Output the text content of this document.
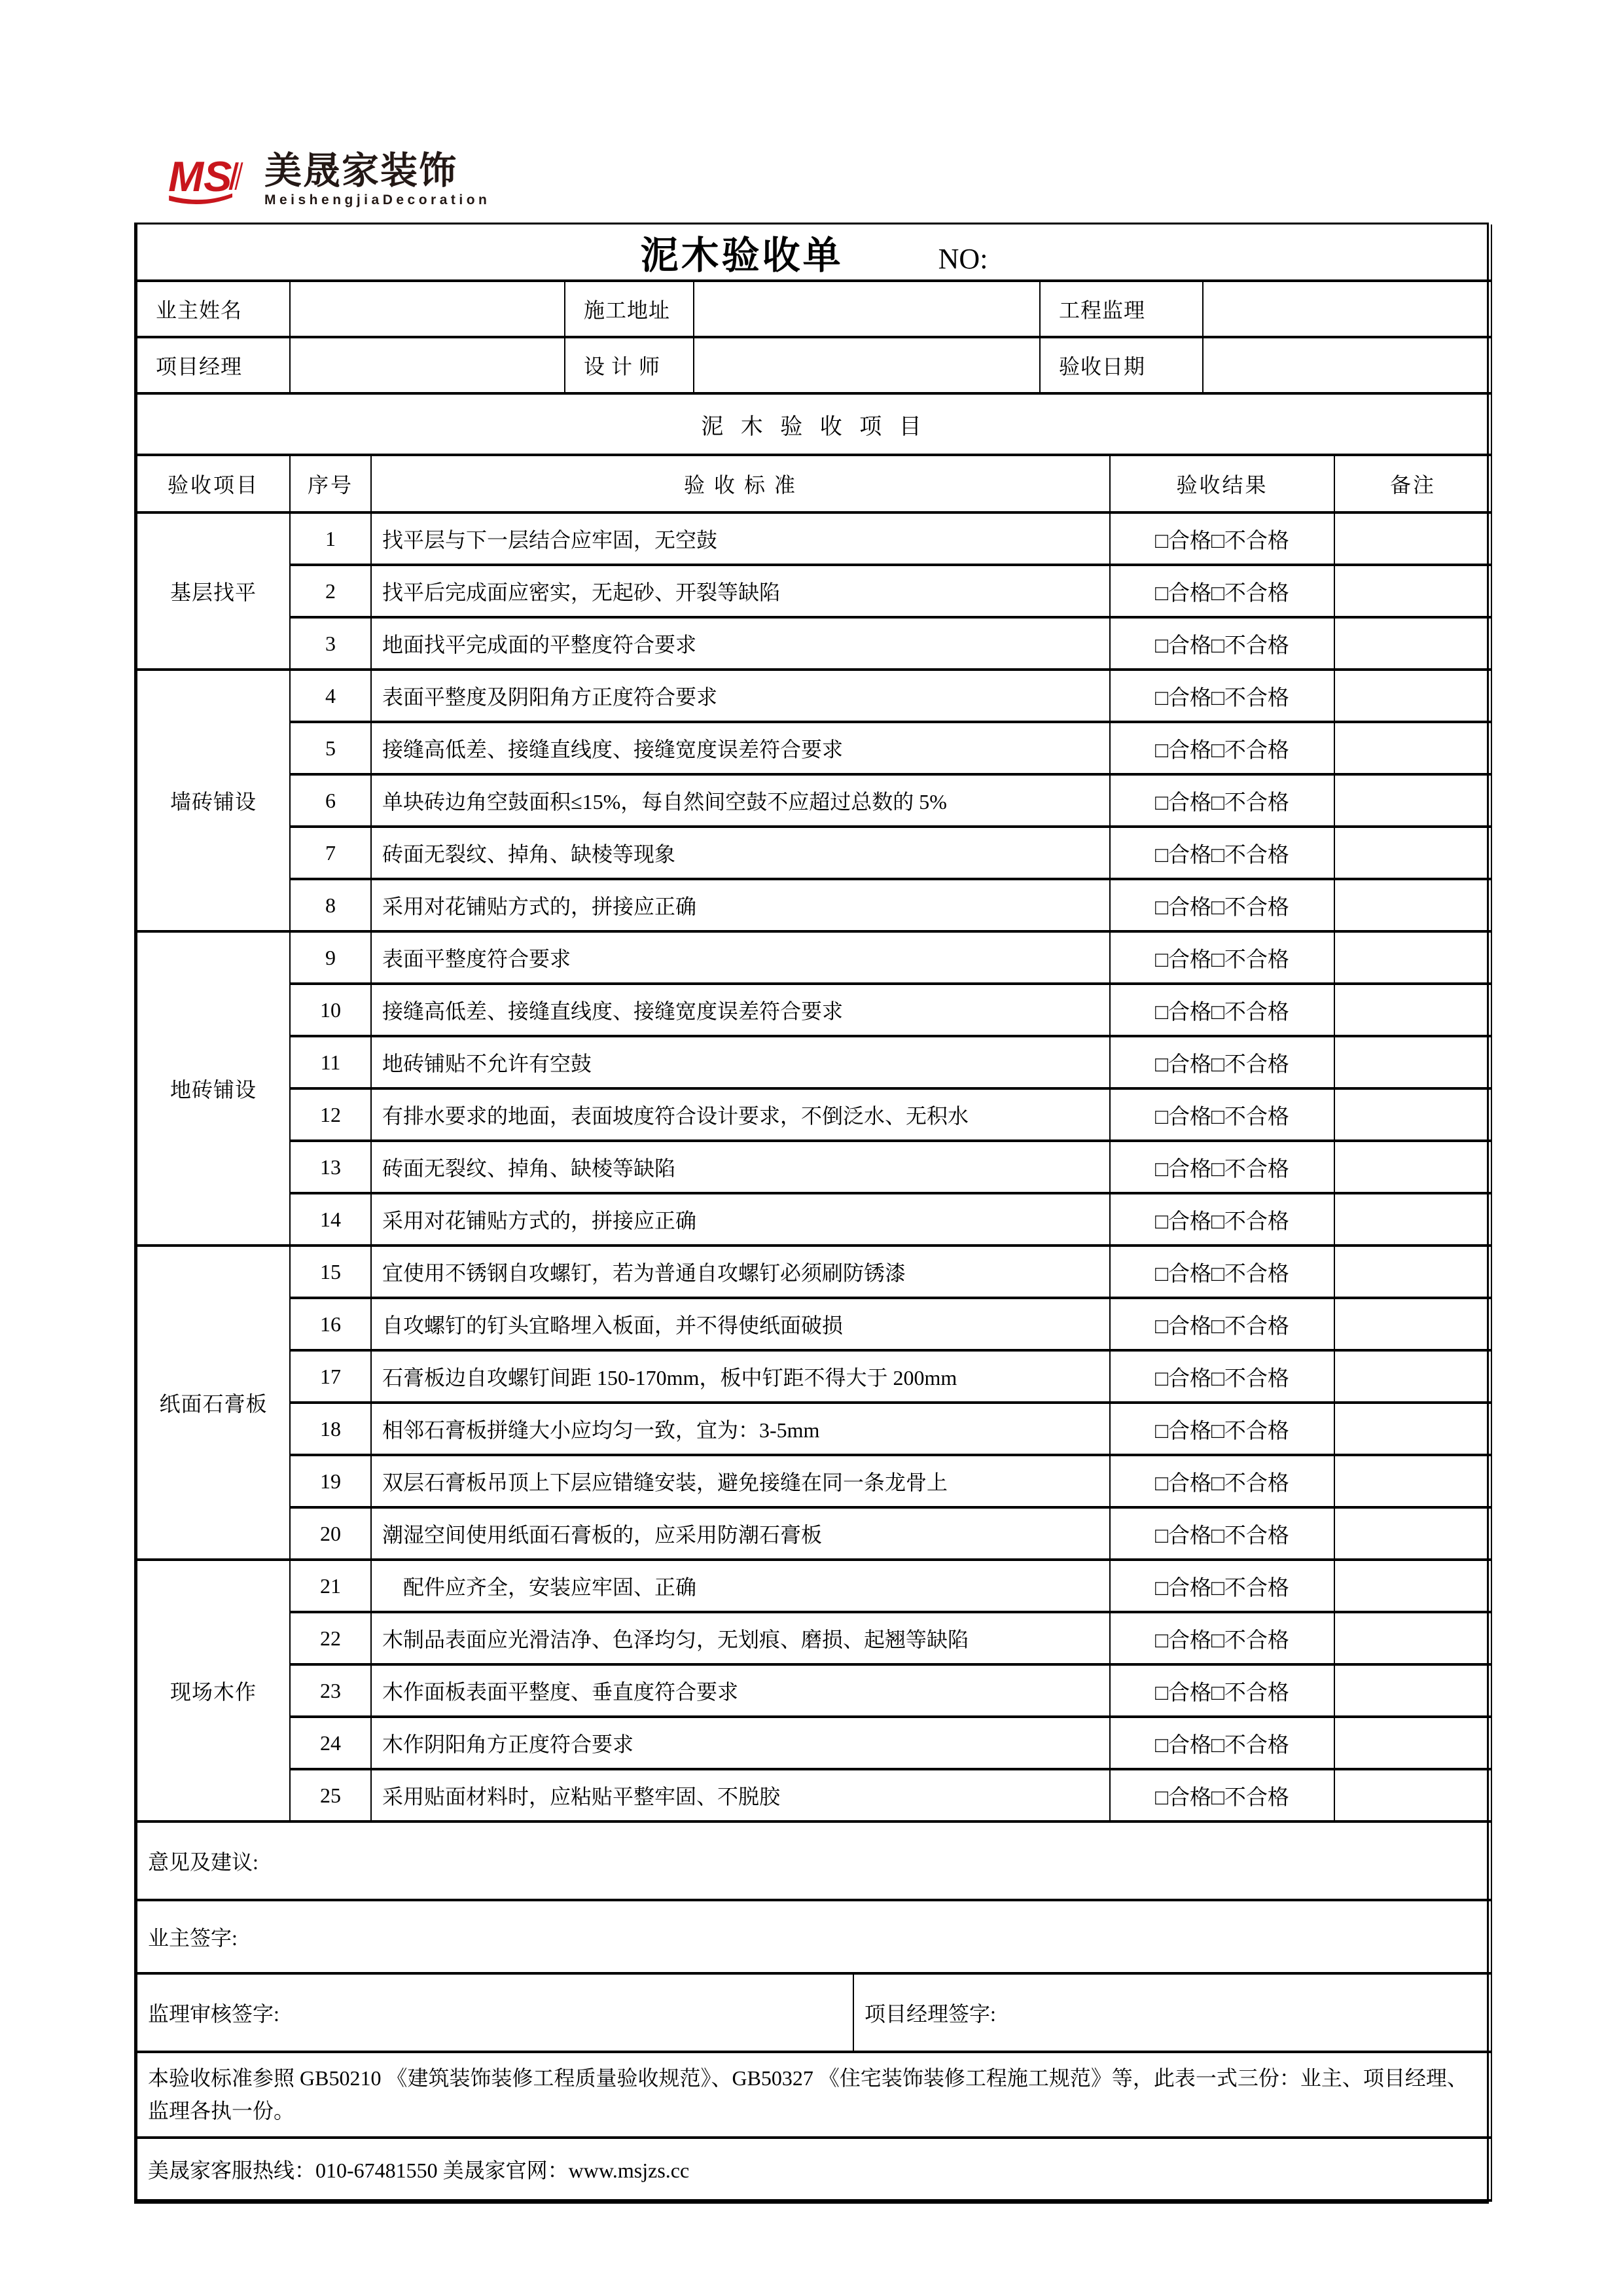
MS 美晟家装饰
MeishengjiaDecoration
泥木验收单 NO:					
业主姓名		施工地址		工程监理	
项目经理		设 计 师		验收日期	
泥 木 验 收 项 目				
验收项目	序号	验 收 标 准	验收结果	备注
基层找平	1	找平层与下一层结合应牢固，无空鼓	□合格□不合格	
	2	找平后完成面应密实，无起砂、开裂等缺陷	□合格□不合格	
	3	地面找平完成面的平整度符合要求	□合格□不合格	
墙砖铺设	4	表面平整度及阴阳角方正度符合要求	□合格□不合格	
	5	接缝高低差、接缝直线度、接缝宽度误差符合要求	□合格□不合格	
	6	单块砖边角空鼓面积≤15%，每自然间空鼓不应超过总数的 5%	□合格□不合格	
	7	砖面无裂纹、掉角、缺棱等现象	□合格□不合格	
	8	采用对花铺贴方式的，拼接应正确	□合格□不合格	
地砖铺设	9	表面平整度符合要求	□合格□不合格	
	10	接缝高低差、接缝直线度、接缝宽度误差符合要求	□合格□不合格	
	11	地砖铺贴不允许有空鼓	□合格□不合格	
	12	有排水要求的地面，表面坡度符合设计要求，不倒泛水、无积水	□合格□不合格	
	13	砖面无裂纹、掉角、缺棱等缺陷	□合格□不合格	
	14	采用对花铺贴方式的，拼接应正确	□合格□不合格	
纸面石膏板	15	宜使用不锈钢自攻螺钉，若为普通自攻螺钉必须刷防锈漆	□合格□不合格	
	16	自攻螺钉的钉头宜略埋入板面，并不得使纸面破损	□合格□不合格	
	17	石膏板边自攻螺钉间距 150-170mm，板中钉距不得大于 200mm	□合格□不合格	
	18	相邻石膏板拼缝大小应均匀一致，宜为：3-5mm	□合格□不合格	
	19	双层石膏板吊顶上下层应错缝安装，避免接缝在同一条龙骨上	□合格□不合格	
	20	潮湿空间使用纸面石膏板的，应采用防潮石膏板	□合格□不合格	
现场木作	21	　配件应齐全，安装应牢固、正确	□合格□不合格	
	22	木制品表面应光滑洁净、色泽均匀，无划痕、磨损、起翘等缺陷	□合格□不合格	
	23	木作面板表面平整度、垂直度符合要求	□合格□不合格	
	24	木作阴阳角方正度符合要求	□合格□不合格	
	25	采用贴面材料时，应粘贴平整牢固、不脱胶	□合格□不合格	
意见及建议:
业主签字:
监理审核签字:	项目经理签字:
本验收标准参照 GB50210 《建筑装饰装修工程质量验收规范》、GB50327 《住宅装饰装修工程施工规范》等，此表一式三份：业主、项目经理、监理各执一份。
美晟家客服热线：010-67481550 美晟家官网：www.msjzs.cc
